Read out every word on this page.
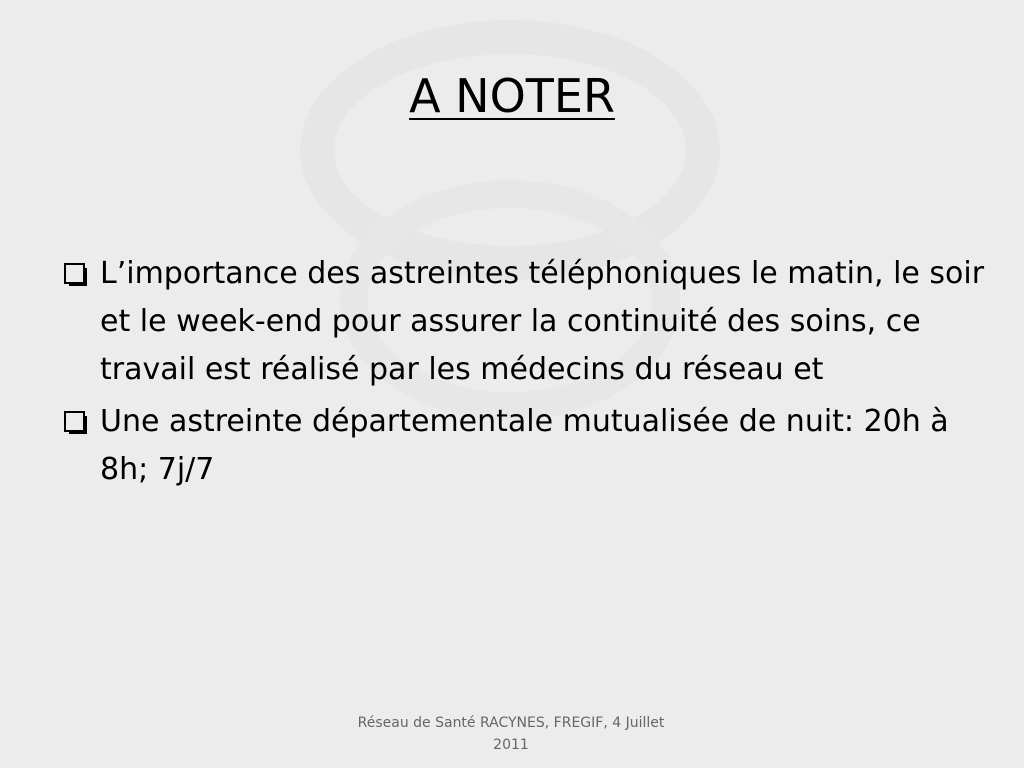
A NOTER
L’importance des astreintes téléphoniques le matin, le soir et le week-end pour assurer la continuité des soins, ce travail est réalisé par les médecins du réseau et
Une astreinte départementale mutualisée de nuit: 20h à 8h; 7j/7
Réseau de Santé RACYNES, FREGIF, 4 Juillet 2011
